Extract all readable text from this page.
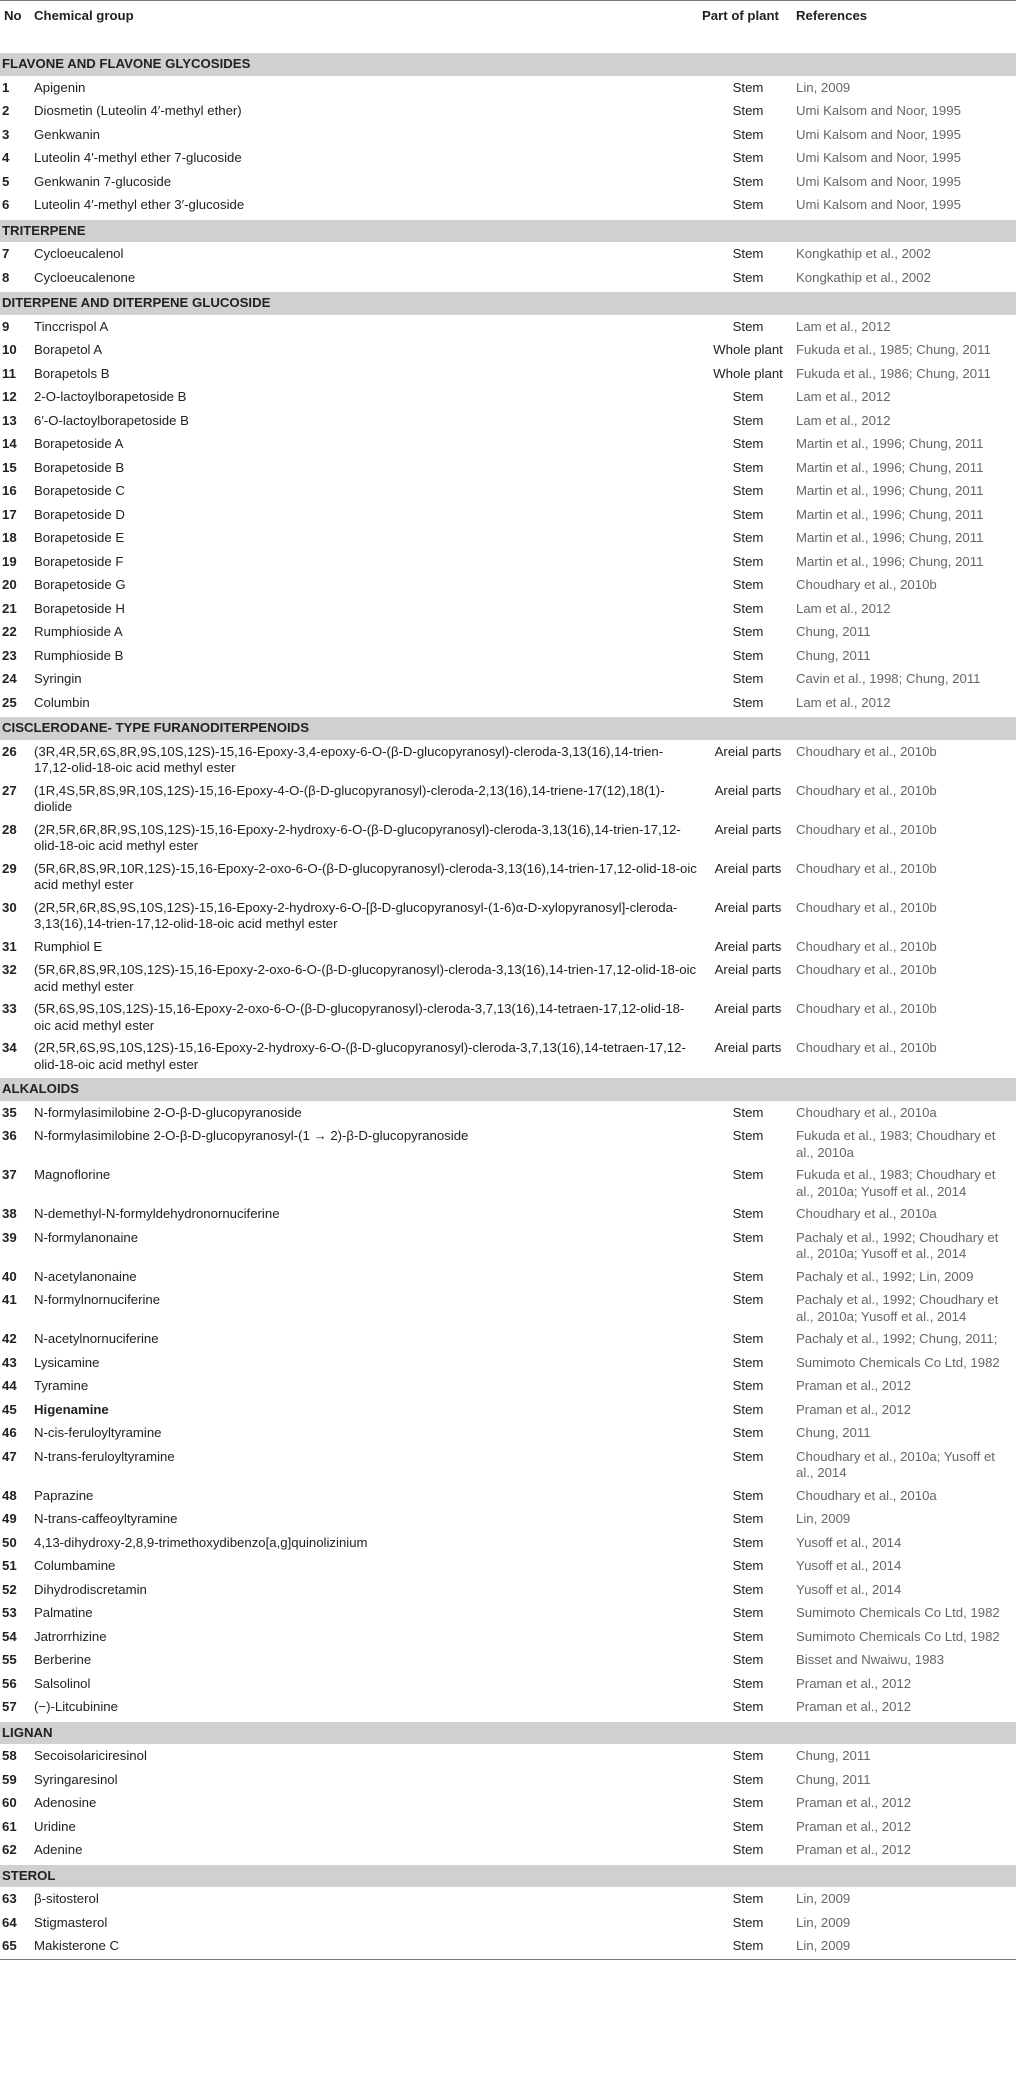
No	Chemical group	Part of plant	References
FLAVONE AND FLAVONE GLYCOSIDES			
1	Apigenin	Stem	Lin, 2009
2	Diosmetin (Luteolin 4′-methyl ether)	Stem	Umi Kalsom and Noor, 1995
3	Genkwanin	Stem	Umi Kalsom and Noor, 1995
4	Luteolin 4′-methyl ether 7-glucoside	Stem	Umi Kalsom and Noor, 1995
5	Genkwanin 7-glucoside	Stem	Umi Kalsom and Noor, 1995
6	Luteolin 4′-methyl ether 3′-glucoside	Stem	Umi Kalsom and Noor, 1995
TRITERPENE			
7	Cycloeucalenol	Stem	Kongkathip et al., 2002
8	Cycloeucalenone	Stem	Kongkathip et al., 2002
DITERPENE AND DITERPENE GLUCOSIDE			
9	Tinccrispol A	Stem	Lam et al., 2012
10	Borapetol A	Whole plant	Fukuda et al., 1985; Chung, 2011
11	Borapetols B	Whole plant	Fukuda et al., 1986; Chung, 2011
12	2-O-lactoylborapetoside B	Stem	Lam et al., 2012
13	6′-O-lactoylborapetoside B	Stem	Lam et al., 2012
14	Borapetoside A	Stem	Martin et al., 1996; Chung, 2011
15	Borapetoside B	Stem	Martin et al., 1996; Chung, 2011
16	Borapetoside C	Stem	Martin et al., 1996; Chung, 2011
17	Borapetoside D	Stem	Martin et al., 1996; Chung, 2011
18	Borapetoside E	Stem	Martin et al., 1996; Chung, 2011
19	Borapetoside F	Stem	Martin et al., 1996; Chung, 2011
20	Borapetoside G	Stem	Choudhary et al., 2010b
21	Borapetoside H	Stem	Lam et al., 2012
22	Rumphioside A	Stem	Chung, 2011
23	Rumphioside B	Stem	Chung, 2011
24	Syringin	Stem	Cavin et al., 1998; Chung, 2011
25	Columbin	Stem	Lam et al., 2012
CISCLERODANE- TYPE FURANODITERPENOIDS			
26	(3R,4R,5R,6S,8R,9S,10S,12S)-15,16-Epoxy-3,4-epoxy-6-O-(β-D-glucopyranosyl)-cleroda-3,13(16),14-trien-17,12-olid-18-oic acid methyl ester	Areial parts	Choudhary et al., 2010b
27	(1R,4S,5R,8S,9R,10S,12S)-15,16-Epoxy-4-O-(β-D-glucopyranosyl)-cleroda-2,13(16),14-triene-17(12),18(1)-diolide	Areial parts	Choudhary et al., 2010b
28	(2R,5R,6R,8R,9S,10S,12S)-15,16-Epoxy-2-hydroxy-6-O-(β-D-glucopyranosyl)-cleroda-3,13(16),14-trien-17,12-olid-18-oic acid methyl ester	Areial parts	Choudhary et al., 2010b
29	(5R,6R,8S,9R,10R,12S)-15,16-Epoxy-2-oxo-6-O-(β-D-glucopyranosyl)-cleroda-3,13(16),14-trien-17,12-olid-18-oic acid methyl ester	Areial parts	Choudhary et al., 2010b
30	(2R,5R,6R,8S,9S,10S,12S)-15,16-Epoxy-2-hydroxy-6-O-[β-D-glucopyranosyl-(1-6)α-D-xylopyranosyl]-cleroda-3,13(16),14-trien-17,12-olid-18-oic acid methyl ester	Areial parts	Choudhary et al., 2010b
31	Rumphiol E	Areial parts	Choudhary et al., 2010b
32	(5R,6R,8S,9R,10S,12S)-15,16-Epoxy-2-oxo-6-O-(β-D-glucopyranosyl)-cleroda-3,13(16),14-trien-17,12-olid-18-oic acid methyl ester	Areial parts	Choudhary et al., 2010b
33	(5R,6S,9S,10S,12S)-15,16-Epoxy-2-oxo-6-O-(β-D-glucopyranosyl)-cleroda-3,7,13(16),14-tetraen-17,12-olid-18-oic acid methyl ester	Areial parts	Choudhary et al., 2010b
34	(2R,5R,6S,9S,10S,12S)-15,16-Epoxy-2-hydroxy-6-O-(β-D-glucopyranosyl)-cleroda-3,7,13(16),14-tetraen-17,12-olid-18-oic acid methyl ester	Areial parts	Choudhary et al., 2010b
ALKALOIDS			
35	N-formylasimilobine 2-O-β-D-glucopyranoside	Stem	Choudhary et al., 2010a
36	N-formylasimilobine 2-O-β-D-glucopyranosyl-(1 → 2)-β-D-glucopyranoside	Stem	Fukuda et al., 1983; Choudhary et al., 2010a
37	Magnoflorine	Stem	Fukuda et al., 1983; Choudhary et al., 2010a; Yusoff et al., 2014
38	N-demethyl-N-formyldehydronornuciferine	Stem	Choudhary et al., 2010a
39	N-formylanonaine	Stem	Pachaly et al., 1992; Choudhary et al., 2010a; Yusoff et al., 2014
40	N-acetylanonaine	Stem	Pachaly et al., 1992; Lin, 2009
41	N-formylnornuciferine	Stem	Pachaly et al., 1992; Choudhary et al., 2010a; Yusoff et al., 2014
42	N-acetylnornuciferine	Stem	Pachaly et al., 1992; Chung, 2011;
43	Lysicamine	Stem	Sumimoto Chemicals Co Ltd, 1982
44	Tyramine	Stem	Praman et al., 2012
45	Higenamine	Stem	Praman et al., 2012
46	N-cis-feruloyltyramine	Stem	Chung, 2011
47	N-trans-feruloyltyramine	Stem	Choudhary et al., 2010a; Yusoff et al., 2014
48	Paprazine	Stem	Choudhary et al., 2010a
49	N-trans-caffeoyltyramine	Stem	Lin, 2009
50	4,13-dihydroxy-2,8,9-trimethoxydibenzo[a,g]quinolizinium	Stem	Yusoff et al., 2014
51	Columbamine	Stem	Yusoff et al., 2014
52	Dihydrodiscretamin	Stem	Yusoff et al., 2014
53	Palmatine	Stem	Sumimoto Chemicals Co Ltd, 1982
54	Jatrorrhizine	Stem	Sumimoto Chemicals Co Ltd, 1982
55	Berberine	Stem	Bisset and Nwaiwu, 1983
56	Salsolinol	Stem	Praman et al., 2012
57	(−)-Litcubinine	Stem	Praman et al., 2012
LIGNAN			
58	Secoisolariciresinol	Stem	Chung, 2011
59	Syringaresinol	Stem	Chung, 2011
60	Adenosine	Stem	Praman et al., 2012
61	Uridine	Stem	Praman et al., 2012
62	Adenine	Stem	Praman et al., 2012
STEROL			
63	β-sitosterol	Stem	Lin, 2009
64	Stigmasterol	Stem	Lin, 2009
65	Makisterone C	Stem	Lin, 2009
